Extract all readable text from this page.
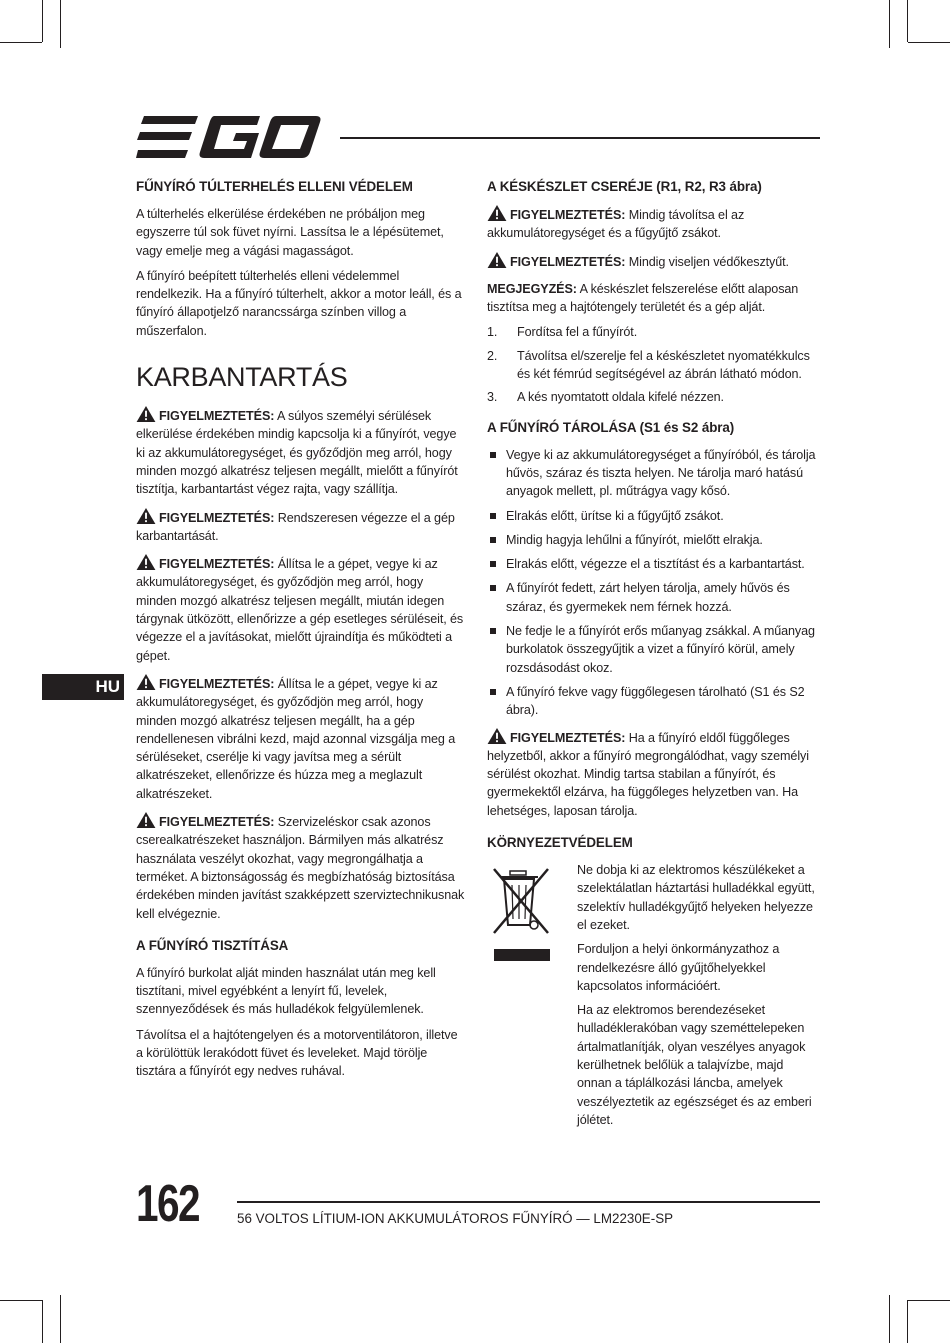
HU
FŰNYÍRÓ TÚLTERHELÉS ELLENI VÉDELEM

A túlterhelés elkerülése érdekében ne próbáljon meg egyszerre túl sok füvet nyírni. Lassítsa le a lépésütemet, vagy emelje meg a vágási magasságot.

A fűnyíró beépített túlterhelés elleni védelemmel rendelkezik. Ha a fűnyíró túlterhelt, akkor a motor leáll, és a fűnyíró állapotjelző narancssárga színben villog a műszerfalon.

KARBANTARTÁS

FIGYELMEZTETÉS: A súlyos személyi sérülések elkerülése érdekében mindig kapcsolja ki a fűnyírót, vegye ki az akkumulátoregységet, és győződjön meg arról, hogy minden mozgó alkatrész teljesen megállt, mielőtt a fűnyírót tisztítja, karbantartást végez rajta, vagy szállítja.

FIGYELMEZTETÉS: Rendszeresen végezze el a gép karbantartását.

FIGYELMEZTETÉS: Állítsa le a gépet, vegye ki az akkumulátoregységet, és győződjön meg arról, hogy minden mozgó alkatrész teljesen megállt, miután idegen tárgynak ütközött, ellenőrizze a gép esetleges sérüléseit, és végezze el a javításokat, mielőtt újraindítja és működteti a gépet.

FIGYELMEZTETÉS: Állítsa le a gépet, vegye ki az akkumulátoregységet, és győződjön meg arról, hogy minden mozgó alkatrész teljesen megállt, ha a gép rendellenesen vibrálni kezd, majd azonnal vizsgálja meg a sérüléseket, cserélje ki vagy javítsa meg a sérült alkatrészeket, ellenőrizze és húzza meg a meglazult alkatrészeket.

FIGYELMEZTETÉS: Szervizeléskor csak azonos cserealkatrészeket használjon. Bármilyen más alkatrész használata veszélyt okozhat, vagy megrongálhatja a terméket. A biztonságosság és megbízhatóság biztosítása érdekében minden javítást szakképzett szerviztechnikusnak kell elvégeznie.

A FŰNYÍRÓ TISZTÍTÁSA

A fűnyíró burkolat alját minden használat után meg kell tisztítani, mivel egyébként a lenyírt fű, levelek, szennyeződések és más hulladékok felgyülemlenek.

Távolítsa el a hajtótengelyen és a motorventilátoron, illetve a körülöttük lerakódott füvet és leveleket. Majd törölje tisztára a fűnyírót egy nedves ruhával.

A KÉSKÉSZLET CSERÉJE (R1, R2, R3 ábra)

FIGYELMEZTETÉS: Mindig távolítsa el az akkumulátoregységet és a fűgyűjtő zsákot.

FIGYELMEZTETÉS: Mindig viseljen védőkesztyűt.

MEGJEGYZÉS: A késkészlet felszerelése előtt alaposan tisztítsa meg a hajtótengely területét és a gép alját.

1. Fordítsa fel a fűnyírót.
2. Távolítsa el/szerelje fel a késkészletet nyomatékkulcs és két fémrúd segítségével az ábrán látható módon.
3. A kés nyomtatott oldala kifelé nézzen.
A FŰNYÍRÓ TÁROLÁSA (S1 és S2 ábra)
Vegye ki az akkumulátoregységet a fűnyíróból, és tárolja hűvös, száraz és tiszta helyen. Ne tárolja maró hatású anyagok mellett, pl. műtrágya vagy kősó.
Elrakás előtt, ürítse ki a fűgyűjtő zsákot.
Mindig hagyja lehűlni a fűnyírót, mielőtt elrakja.
Elrakás előtt, végezze el a tisztítást és a karbantartást.
A fűnyírót fedett, zárt helyen tárolja, amely hűvös és száraz, és gyermekek nem férnek hozzá.
Ne fedje le a fűnyírót erős műanyag zsákkal. A műanyag burkolatok összegyűjtik a vizet a fűnyíró körül, amely rozsdásodást okoz.
A fűnyíró fekve vagy függőlegesen tárolható (S1 és S2 ábra).

FIGYELMEZTETÉS: Ha a fűnyíró eldől függőleges helyzetből, akkor a fűnyíró megrongálódhat, vagy személyi sérülést okozhat. Mindig tartsa stabilan a fűnyírót, és gyermekektől elzárva, ha függőleges helyzetben van. Ha lehetséges, laposan tárolja.

KÖRNYEZETVÉDELEM

Ne dobja ki az elektromos készülékeket a szelektálatlan háztartási hulladékkal együtt, szelektív hulladékgyűjtő helyeken helyezze el ezeket.

Forduljon a helyi önkormányzathoz a rendelkezésre álló gyűjtőhelyekkel kapcsolatos információért.

Ha az elektromos berendezéseket hulladéklerakóban vagy szeméttelepeken ártalmatlanítják, olyan veszélyes anyagok kerülhetnek belőlük a talajvízbe, majd onnan a táplálkozási láncba, amelyek veszélyeztetik az egészséget és az emberi jólétet.

162	56 VOLTOS LÍTIUM-ION AKKUMULÁTOROS FŰNYÍRÓ — LM2230E-SP
